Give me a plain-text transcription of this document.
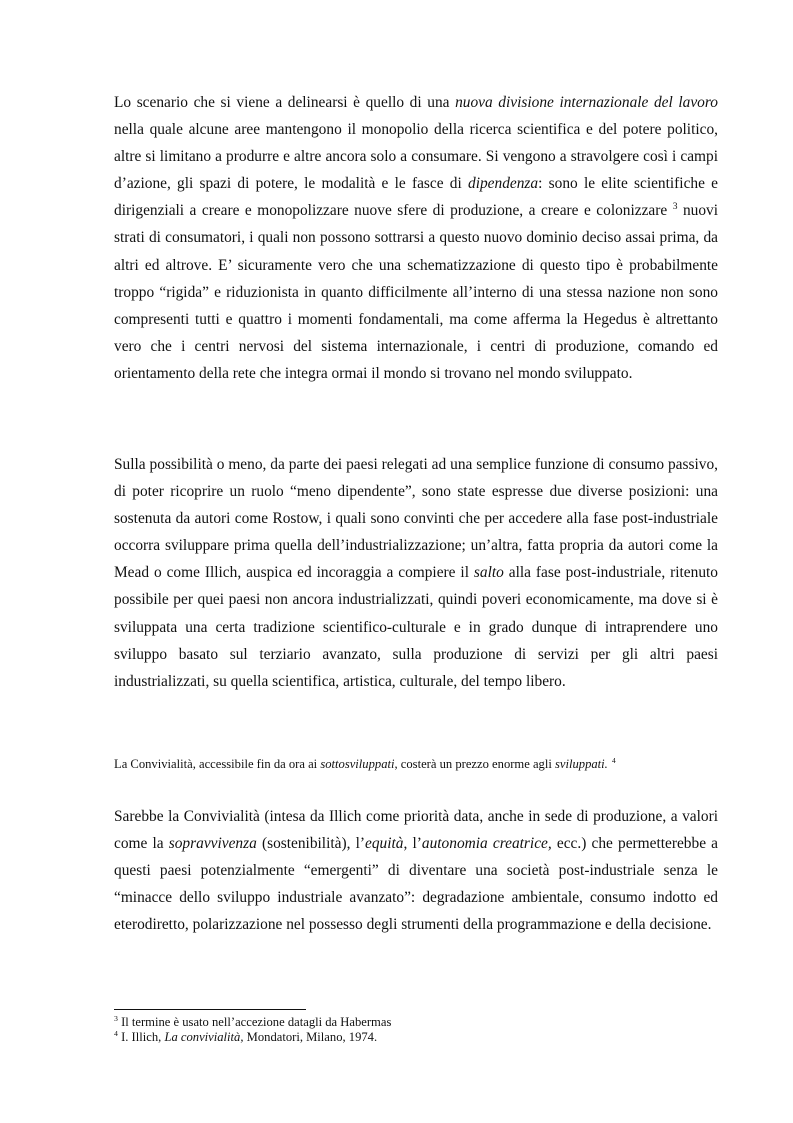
Lo scenario che si viene a delinearsi è quello di una nuova divisione internazionale del lavoro nella quale alcune aree mantengono il monopolio della ricerca scientifica e del potere politico, altre si limitano a produrre e altre ancora solo a consumare. Si vengono a stravolgere così i campi d’azione, gli spazi di potere, le modalità e le fasce di dipendenza: sono le elite scientifiche e dirigenziali a creare e monopolizzare nuove sfere di produzione, a creare e colonizzare $^3$ nuovi strati di consumatori, i quali non possono sottrarsi a questo nuovo dominio deciso assai prima, da altri ed altrove. E’ sicuramente vero che una schematizzazione di questo tipo è probabilmente troppo “rigida” e riduzionista in quanto difficilmente all’interno di una stessa nazione non sono compresenti tutti e quattro i momenti fondamentali, ma come afferma la Hegedus è altrettanto vero che i centri nervosi del sistema internazionale, i centri di produzione, comando ed orientamento della rete che integra ormai il mondo si trovano nel mondo sviluppato.

Sulla possibilità o meno, da parte dei paesi relegati ad una semplice funzione di consumo passivo, di poter ricoprire un ruolo “meno dipendente”, sono state espresse due diverse posizioni: una sostenuta da autori come Rostow, i quali sono convinti che per accedere alla fase post-industriale occorra sviluppare prima quella dell’industrializzazione; un’altra, fatta propria da autori come la Mead o come Illich, auspica ed incoraggia a compiere il salto alla fase post-industriale, ritenuto possibile per quei paesi non ancora industrializzati, quindi poveri economicamente, ma dove si è sviluppata una certa tradizione scientifico-culturale e in grado dunque di intraprendere uno sviluppo basato sul terziario avanzato, sulla produzione di servizi per gli altri paesi industrializzati, su quella scientifica, artistica, culturale, del tempo libero.

La Convivialità, accessibile fin da ora ai sottosviluppati, costerà un prezzo enorme agli sviluppati. $^4$

Sarebbe la Convivialità (intesa da Illich come priorità data, anche in sede di produzione, a valori come la sopravvivenza (sostenibilità), l’equità, l’autonomia creatrice, ecc.) che permetterebbe a questi paesi potenzialmente “emergenti” di diventare una società post-industriale senza le “minacce dello sviluppo industriale avanzato”: degradazione ambientale, consumo indotto ed eterodiretto, polarizzazione nel possesso degli strumenti della programmazione e della decisione.

$^3$ Il termine è usato nell’accezione datagli da Habermas
$^4$ I. Illich, La convivialità, Mondatori, Milano, 1974.
